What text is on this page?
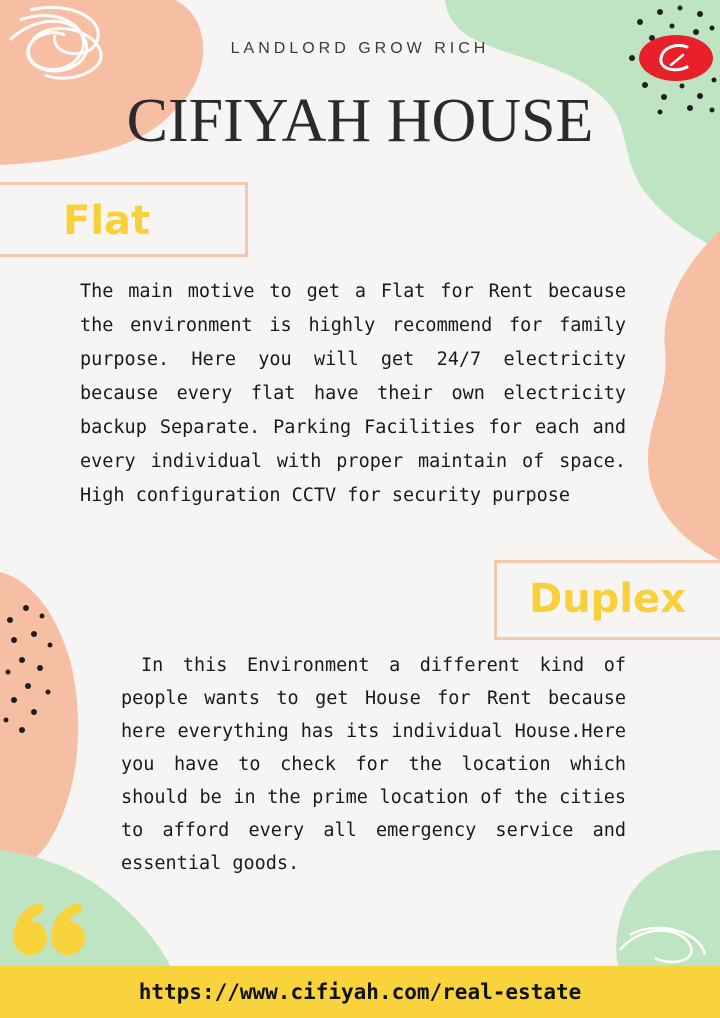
LANDLORD GROW RICH
CIFIYAH HOUSE
Flat
The main motive to get a Flat for Rent because the environment is highly recommend for family purpose. Here you will get 24/7 electricity because every flat have their own electricity backup Separate. Parking Facilities for each and every individual with proper maintain of space. High configuration CCTV for security purpose
Duplex
In this Environment a different kind of people wants to get House for Rent because here everything has its individual House.Here you have to check for the location which should be in the prime location of the cities to afford every all emergency service and essential goods.
https://www.cifiyah.com/real-estate
